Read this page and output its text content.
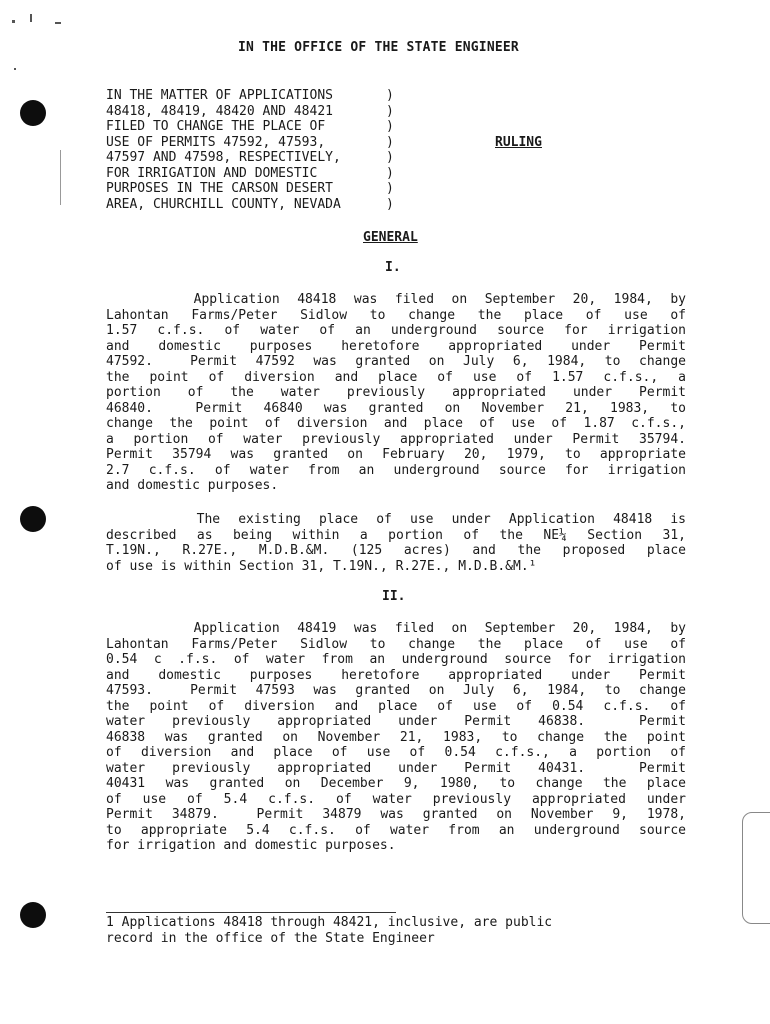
IN THE OFFICE OF THE STATE ENGINEER
IN THE MATTER OF APPLICATIONS
48418, 48419, 48420 AND 48421
FILED TO CHANGE THE PLACE OF
USE OF PERMITS 47592, 47593,
47597 AND 47598, RESPECTIVELY,
FOR IRRIGATION AND DOMESTIC
PURPOSES IN THE CARSON DESERT
AREA, CHURCHILL COUNTY, NEVADA
)
)
)
)
)
)
)
)
RULING
GENERAL
I.
Application 48418 was filed on September 20, 1984, by
Lahontan Farms/Peter Sidlow to change the place of use of
1.57 c.f.s. of water of an underground source for irrigation
and domestic purposes heretofore appropriated under Permit
47592.  Permit 47592 was granted on July 6, 1984, to change
the point of diversion and place of use of 1.57 c.f.s., a
portion of the water previously appropriated under Permit
46840.  Permit 46840 was granted on November 21, 1983, to
change the point of diversion and place of use of 1.87 c.f.s.,
a portion of water previously appropriated under Permit 35794.
Permit 35794 was granted on February 20, 1979, to appropriate
2.7 c.f.s. of water from an underground source for irrigation
and domestic purposes.
The existing place of use under Application 48418 is
described as being within a portion of the NE¼ Section 31,
T.19N., R.27E., M.D.B.&M. (125 acres) and the proposed place
of use is within Section 31, T.19N., R.27E., M.D.B.&M.¹
II.
Application 48419 was filed on September 20, 1984, by
Lahontan Farms/Peter Sidlow to change the place of use of
0.54 c .f.s. of water from an underground source for irrigation
and domestic purposes heretofore appropriated under Permit
47593.  Permit 47593 was granted on July 6, 1984, to change
the point of diversion and place of use of 0.54 c.f.s. of
water previously appropriated under Permit 46838.  Permit
46838 was granted on November 21, 1983, to change the point
of diversion and place of use of 0.54 c.f.s., a portion of
water previously appropriated under Permit 40431.  Permit
40431 was granted on December 9, 1980, to change the place
of use of 5.4 c.f.s. of water previously appropriated under
Permit 34879.  Permit 34879 was granted on November 9, 1978,
to appropriate 5.4 c.f.s. of water from an underground source
for irrigation and domestic purposes.
1 Applications 48418 through 48421, inclusive, are public
record in the office of the State Engineer
